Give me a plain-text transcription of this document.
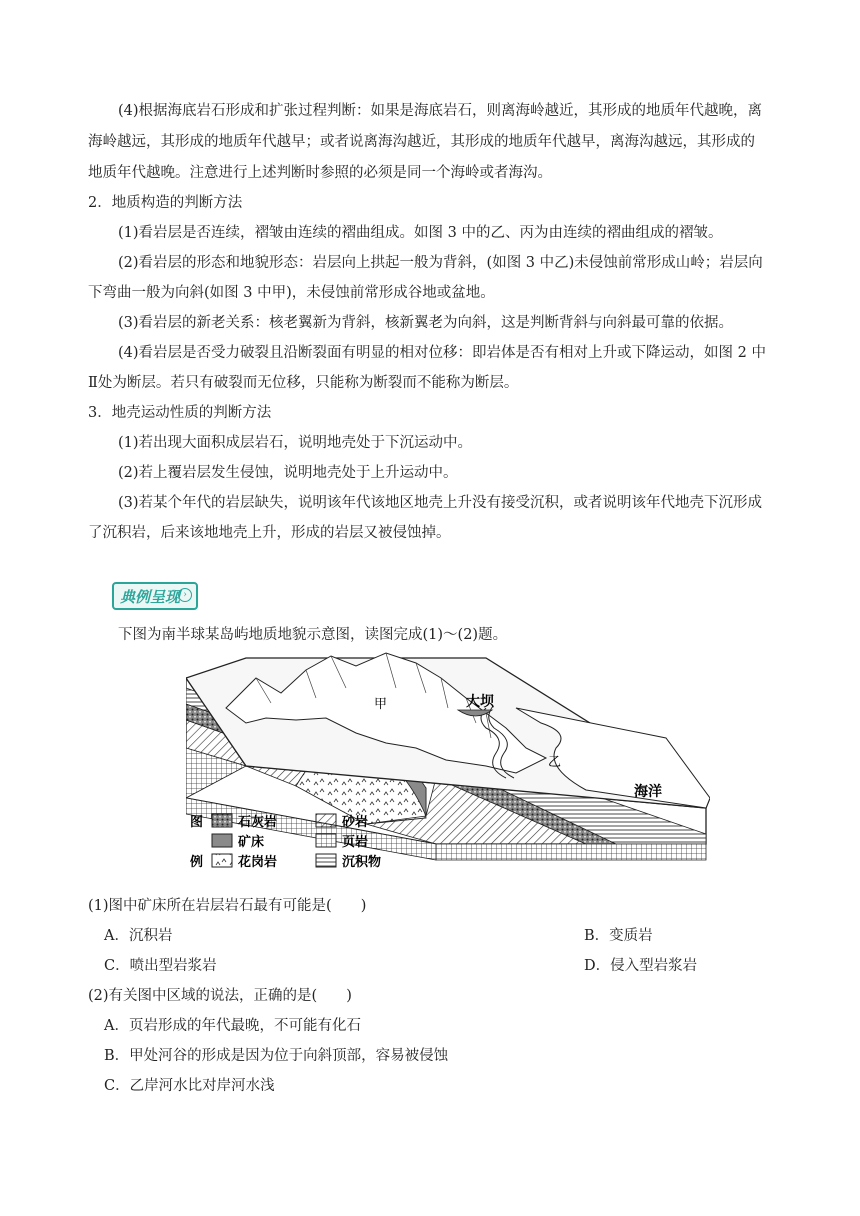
(4)根据海底岩石形成和扩张过程判断：如果是海底岩石，则离海岭越近，其形成的地质年代越晚，离
海岭越远，其形成的地质年代越早；或者说离海沟越近，其形成的地质年代越早，离海沟越远，其形成的
地质年代越晚。注意进行上述判断时参照的必须是同一个海岭或者海沟。
2．地质构造的判断方法
(1)看岩层是否连续，褶皱由连续的褶曲组成。如图 3 中的乙、丙为由连续的褶曲组成的褶皱。
(2)看岩层的形态和地貌形态：岩层向上拱起一般为背斜，(如图 3 中乙)未侵蚀前常形成山岭；岩层向
下弯曲一般为向斜(如图 3 中甲)，未侵蚀前常形成谷地或盆地。
(3)看岩层的新老关系：核老翼新为背斜，核新翼老为向斜，这是判断背斜与向斜最可靠的依据。
(4)看岩层是否受力破裂且沿断裂面有明显的相对位移：即岩体是否有相对上升或下降运动，如图 2 中
Ⅱ处为断层。若只有破裂而无位移，只能称为断裂而不能称为断层。
3．地壳运动性质的判断方法
(1)若出现大面积成层岩石，说明地壳处于下沉运动中。
(2)若上覆岩层发生侵蚀，说明地壳处于上升运动中。
(3)若某个年代的岩层缺失，说明该年代该地区地壳上升没有接受沉积，或者说明该年代地壳下沉形成
了沉积岩，后来该地地壳上升，形成的岩层又被侵蚀掉。
典例呈现 ›
下图为南半球某岛屿地质地貌示意图，读图完成(1)～(2)题。
甲	大坝
乙
海洋
图
例
石灰岩	砂岩
矿床	页岩
花岗岩	沉积物
(1)图中矿床所在岩层岩石最有可能是(　　)
A．沉积岩	B．变质岩
C．喷出型岩浆岩	D．侵入型岩浆岩
(2)有关图中区域的说法，正确的是(　　)
A．页岩形成的年代最晚，不可能有化石
B．甲处河谷的形成是因为位于向斜顶部，容易被侵蚀
C．乙岸河水比对岸河水浅
